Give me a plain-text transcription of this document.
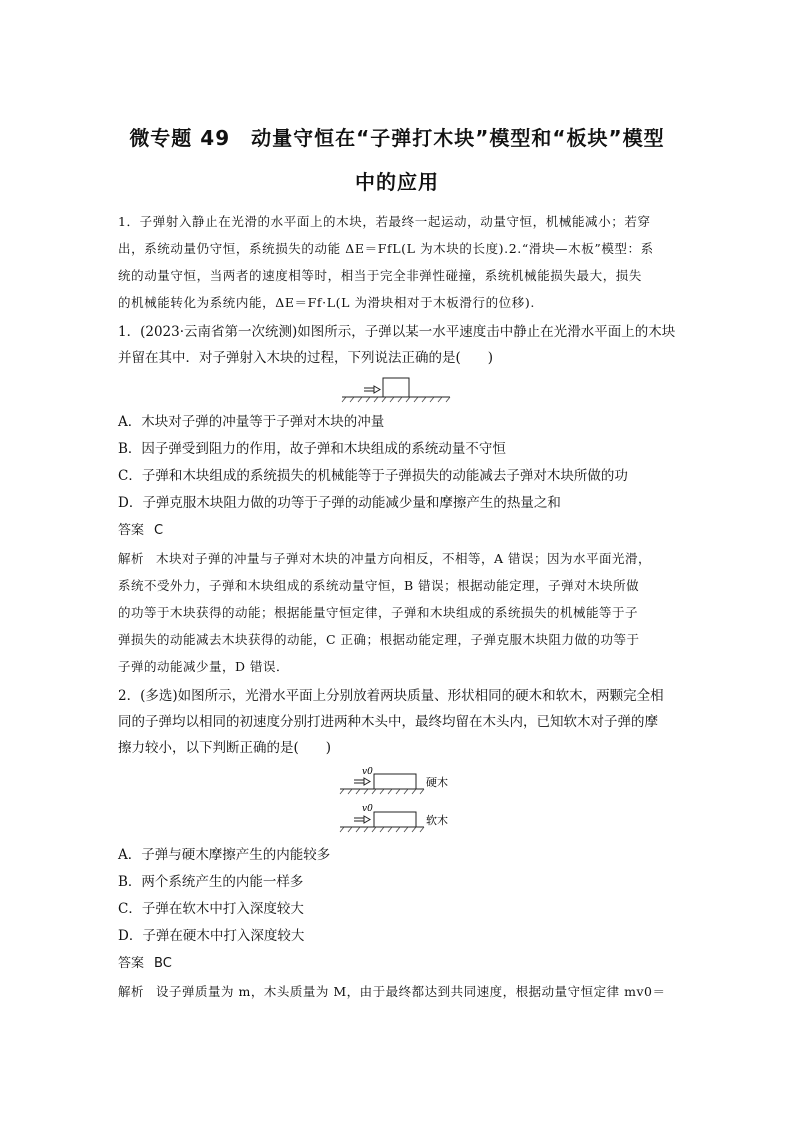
微专题 49　动量守恒在“子弹打木块”模型和“板块”模型
中的应用
1．子弹射入静止在光滑的水平面上的木块，若最终一起运动，动量守恒，机械能减小；若穿
出，系统动量仍守恒，系统损失的动能 ΔE＝FfL(L 为木块的长度).2.“滑块—木板”模型：系
统的动量守恒，当两者的速度相等时，相当于完全非弹性碰撞，系统机械能损失最大，损失
的机械能转化为系统内能，ΔE＝Ff·L(L 为滑块相对于木板滑行的位移).
1．(2023·云南省第一次统测)如图所示，子弹以某一水平速度击中静止在光滑水平面上的木块
并留在其中．对子弹射入木块的过程，下列说法正确的是(　　)
A．木块对子弹的冲量等于子弹对木块的冲量
B．因子弹受到阻力的作用，故子弹和木块组成的系统动量不守恒
C．子弹和木块组成的系统损失的机械能等于子弹损失的动能减去子弹对木块所做的功
D．子弹克服木块阻力做的功等于子弹的动能减少量和摩擦产生的热量之和
答案 C
解析 木块对子弹的冲量与子弹对木块的冲量方向相反，不相等，A 错误；因为水平面光滑，
系统不受外力，子弹和木块组成的系统动量守恒，B 错误；根据动能定理，子弹对木块所做
的功等于木块获得的动能；根据能量守恒定律，子弹和木块组成的系统损失的机械能等于子
弹损失的动能减去木块获得的动能，C 正确；根据动能定理，子弹克服木块阻力做的功等于
子弹的动能减少量，D 错误．
2．(多选)如图所示，光滑水平面上分别放着两块质量、形状相同的硬木和软木，两颗完全相
同的子弹均以相同的初速度分别打进两种木头中，最终均留在木头内，已知软木对子弹的摩
擦力较小，以下判断正确的是(　　)
v0
硬木
v0
软木
A．子弹与硬木摩擦产生的内能较多
B．两个系统产生的内能一样多
C．子弹在软木中打入深度较大
D．子弹在硬木中打入深度较大
答案 BC
解析 设子弹质量为 m，木头质量为 M，由于最终都达到共同速度，根据动量守恒定律 mv0＝
